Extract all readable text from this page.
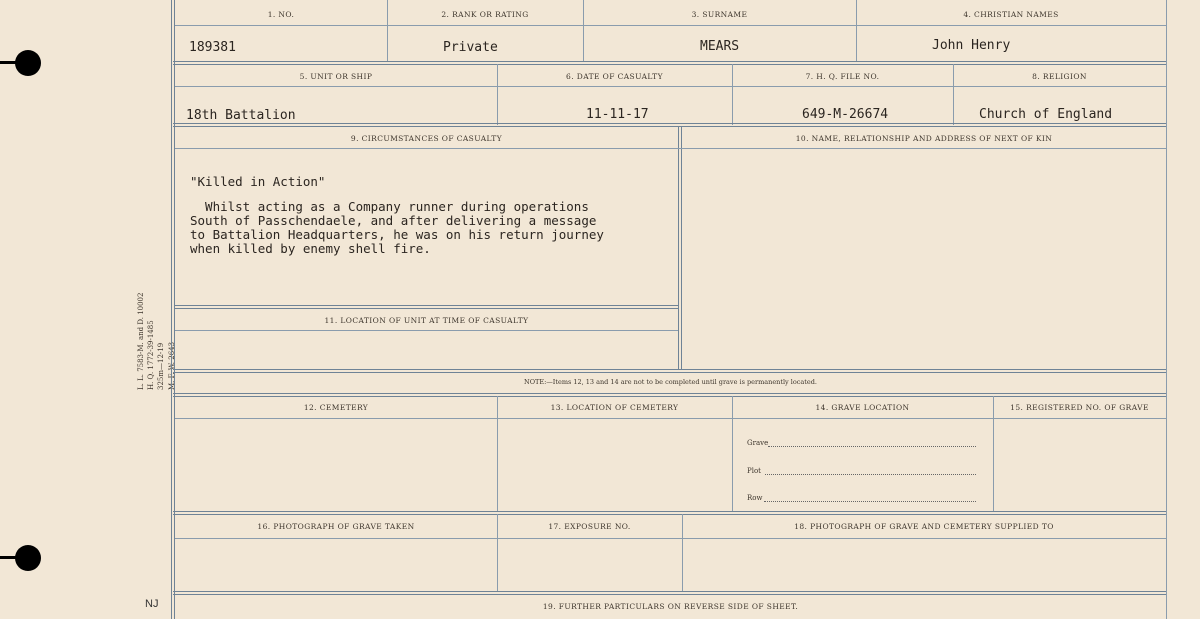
M. F. W. 2643
325m—12-19
H. Q. 1772-39-1485
L. L. 7583-M. and D. 10002
NJ
1. NO.	2. RANK OR RATING	3. SURNAME	4. CHRISTIAN NAMES
189381	Private	MEARS	John Henry
5. UNIT OR SHIP	6. DATE OF CASUALTY	7. H. Q. FILE NO.	8. RELIGION
18th Battalion	11-11-17	649-M-26674	Church of England
9. CIRCUMSTANCES OF CASUALTY	10. NAME, RELATIONSHIP AND ADDRESS OF NEXT OF KIN
"Killed in Action"
Whilst acting as a Company runner during operations
South of Passchendaele, and after delivering a message
to Battalion Headquarters, he was on his return journey
when killed by enemy shell fire.
11. LOCATION OF UNIT AT TIME OF CASUALTY
NOTE:—Items 12, 13 and 14 are not to be completed until grave is permanently located.
12. CEMETERY	13. LOCATION OF CEMETERY	14. GRAVE LOCATION	15. REGISTERED NO. OF GRAVE
Grave
Plot
Row
16. PHOTOGRAPH OF GRAVE TAKEN	17. EXPOSURE NO.	18. PHOTOGRAPH OF GRAVE AND CEMETERY SUPPLIED TO
19. FURTHER PARTICULARS ON REVERSE SIDE OF SHEET.
